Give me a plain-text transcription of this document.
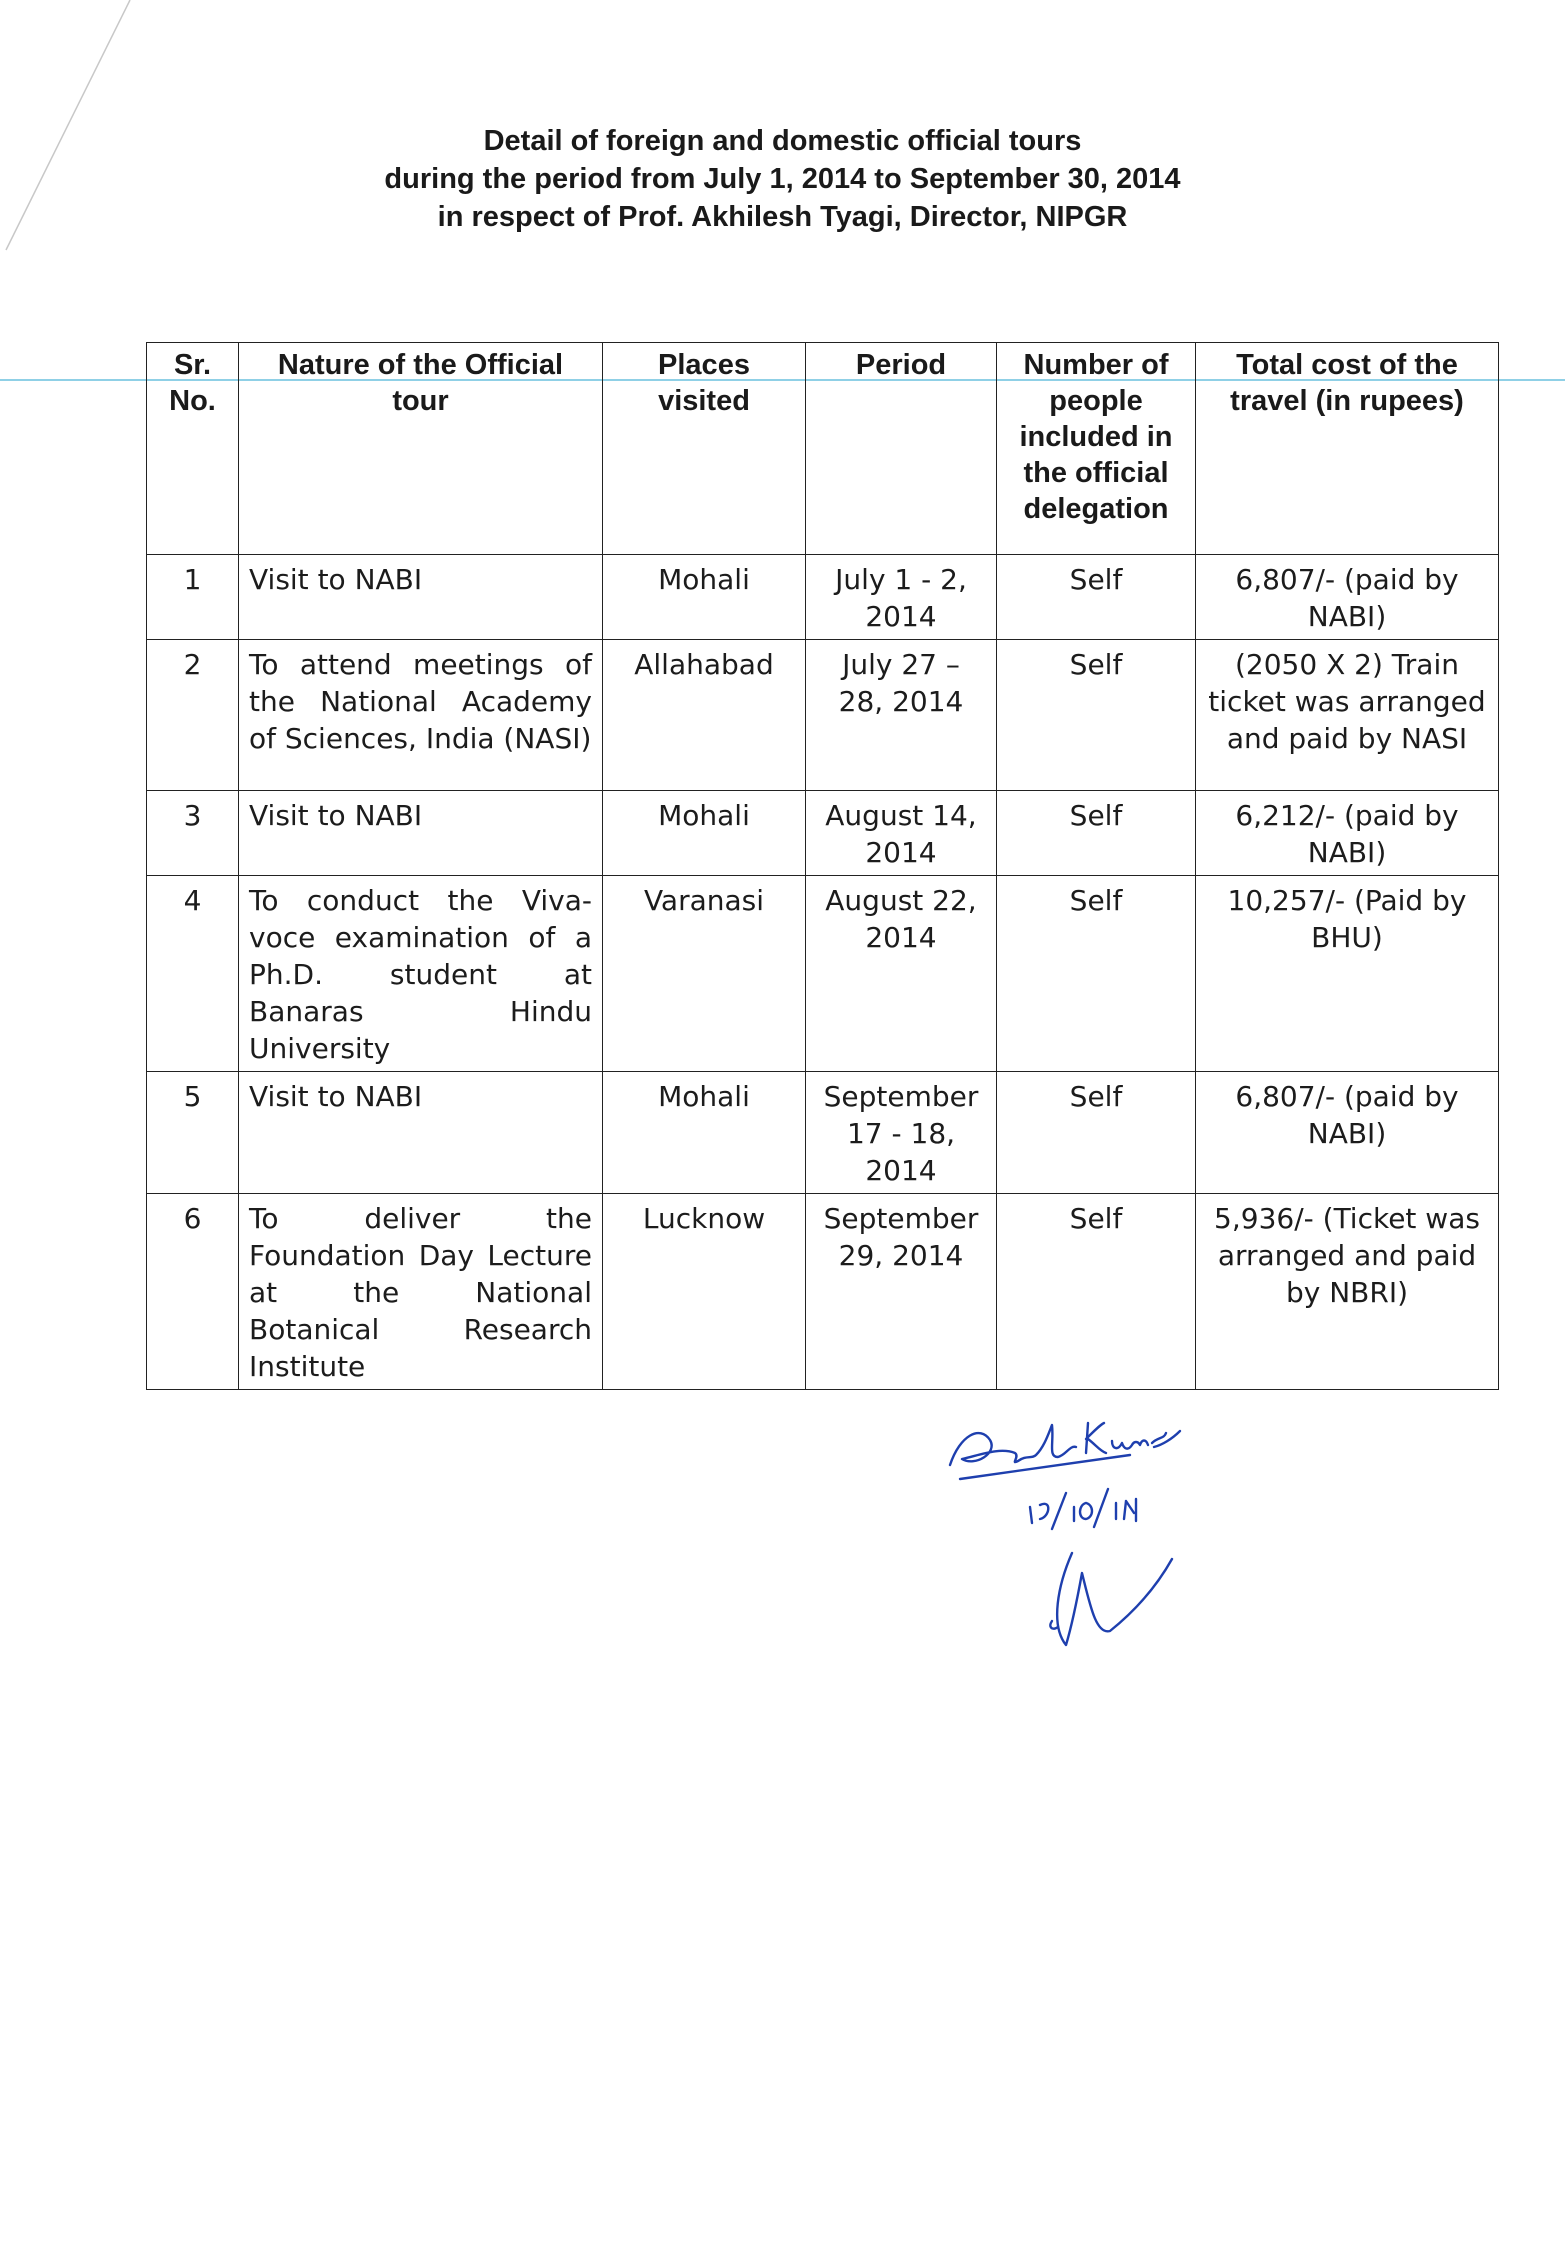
Detail of foreign and domestic official tours
during the period from July 1, 2014 to September 30, 2014
in respect of Prof. Akhilesh Tyagi, Director, NIPGR
Sr. No.	Nature of the Official tour	Places visited	Period	Number of people included in the official delegation	Total cost of the travel (in rupees)
1	Visit to NABI	Mohali	July 1 - 2, 2014	Self	6,807/- (paid by NABI)
2	To attend meetings of the National Academy of Sciences, India (NASI)	Allahabad	July 27 – 28, 2014	Self	(2050 X 2) Train ticket was arranged and paid by NASI
3	Visit to NABI	Mohali	August 14, 2014	Self	6,212/- (paid by NABI)
4	To conduct the Viva-voce examination of a Ph.D. student at Banaras Hindu University	Varanasi	August 22, 2014	Self	10,257/- (Paid by BHU)
5	Visit to NABI	Mohali	September 17 - 18, 2014	Self	6,807/- (paid by NABI)
6	To deliver the Foundation Day Lecture at the National Botanical Research Institute	Lucknow	September 29, 2014	Self	5,936/- (Ticket was arranged and paid by NBRI)
